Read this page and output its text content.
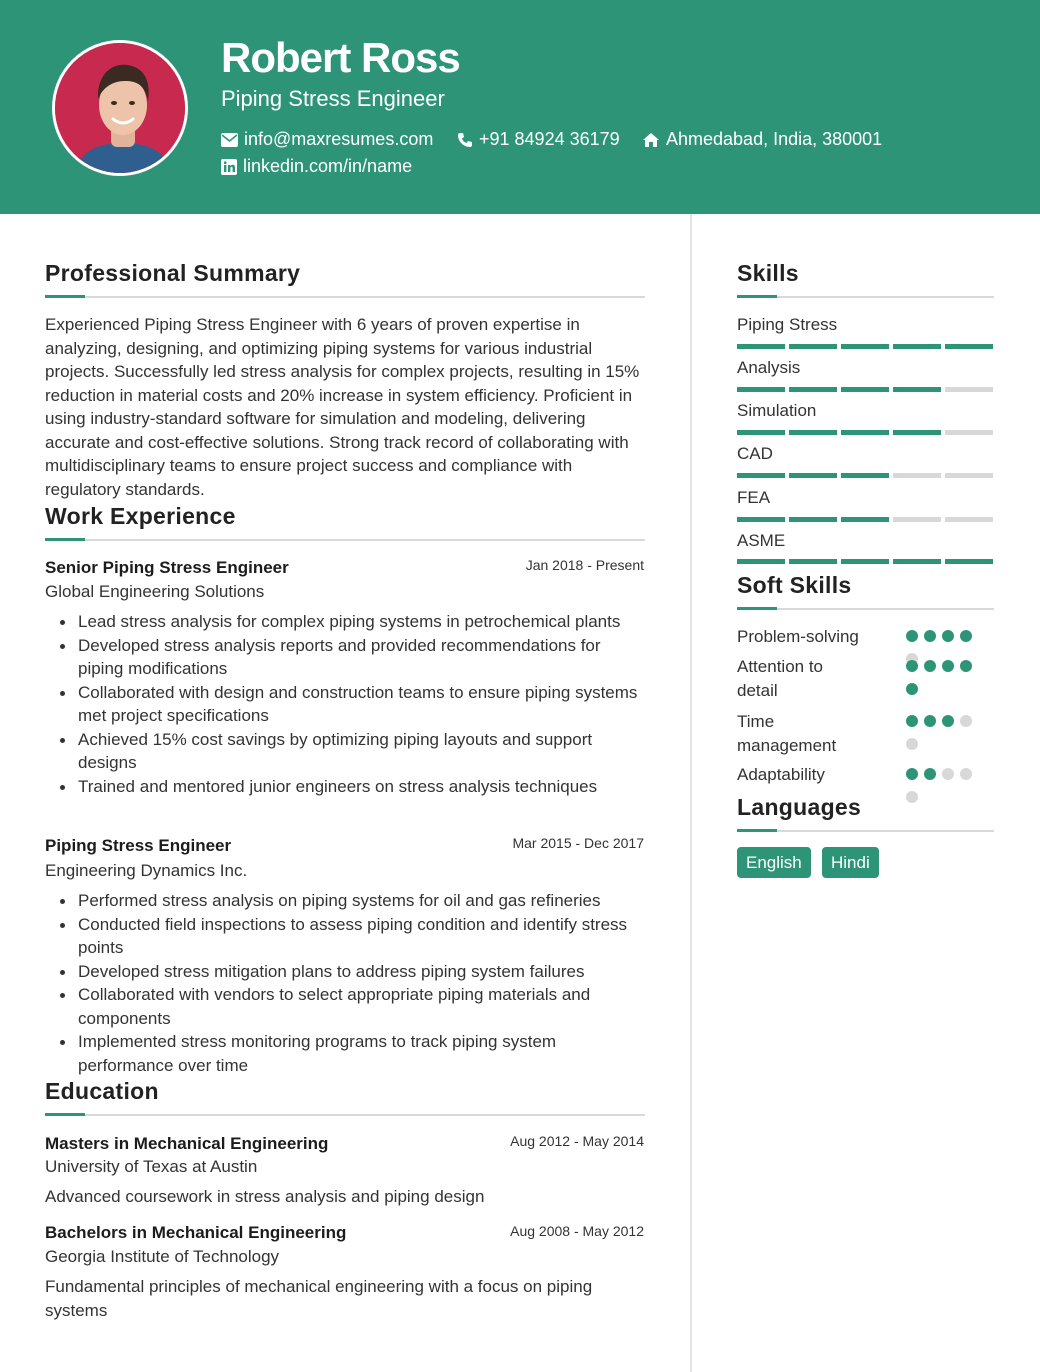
Robert Ross
Piping Stress Engineer
info@maxresumes.com	+91 84924 36179	Ahmedabad, India, 380001
linkedin.com/in/name
Professional Summary
Experienced Piping Stress Engineer with 6 years of proven expertise in analyzing, designing, and optimizing piping systems for various industrial projects. Successfully led stress analysis for complex projects, resulting in 15% reduction in material costs and 20% increase in system efficiency. Proficient in using industry-standard software for simulation and modeling, delivering accurate and cost-effective solutions. Strong track record of collaborating with multidisciplinary teams to ensure project success and compliance with regulatory standards.
Work Experience
Senior Piping Stress Engineer	Jan 2018 - Present
Global Engineering Solutions
Lead stress analysis for complex piping systems in petrochemical plants
Developed stress analysis reports and provided recommendations for piping modifications
Collaborated with design and construction teams to ensure piping systems met project specifications
Achieved 15% cost savings by optimizing piping layouts and support designs
Trained and mentored junior engineers on stress analysis techniques
Piping Stress Engineer	Mar 2015 - Dec 2017
Engineering Dynamics Inc.
Performed stress analysis on piping systems for oil and gas refineries
Conducted field inspections to assess piping condition and identify stress points
Developed stress mitigation plans to address piping system failures
Collaborated with vendors to select appropriate piping materials and components
Implemented stress monitoring programs to track piping system performance over time
Education
Masters in Mechanical Engineering	Aug 2012 - May 2014
University of Texas at Austin
Advanced coursework in stress analysis and piping design
Bachelors in Mechanical Engineering	Aug 2008 - May 2012
Georgia Institute of Technology
Fundamental principles of mechanical engineering with a focus on piping systems
Skills
Piping Stress
Analysis
Simulation
CAD
FEA
ASME
Soft Skills
Problem-solving
Attention to detail
Time management
Adaptability
Languages
English	Hindi
